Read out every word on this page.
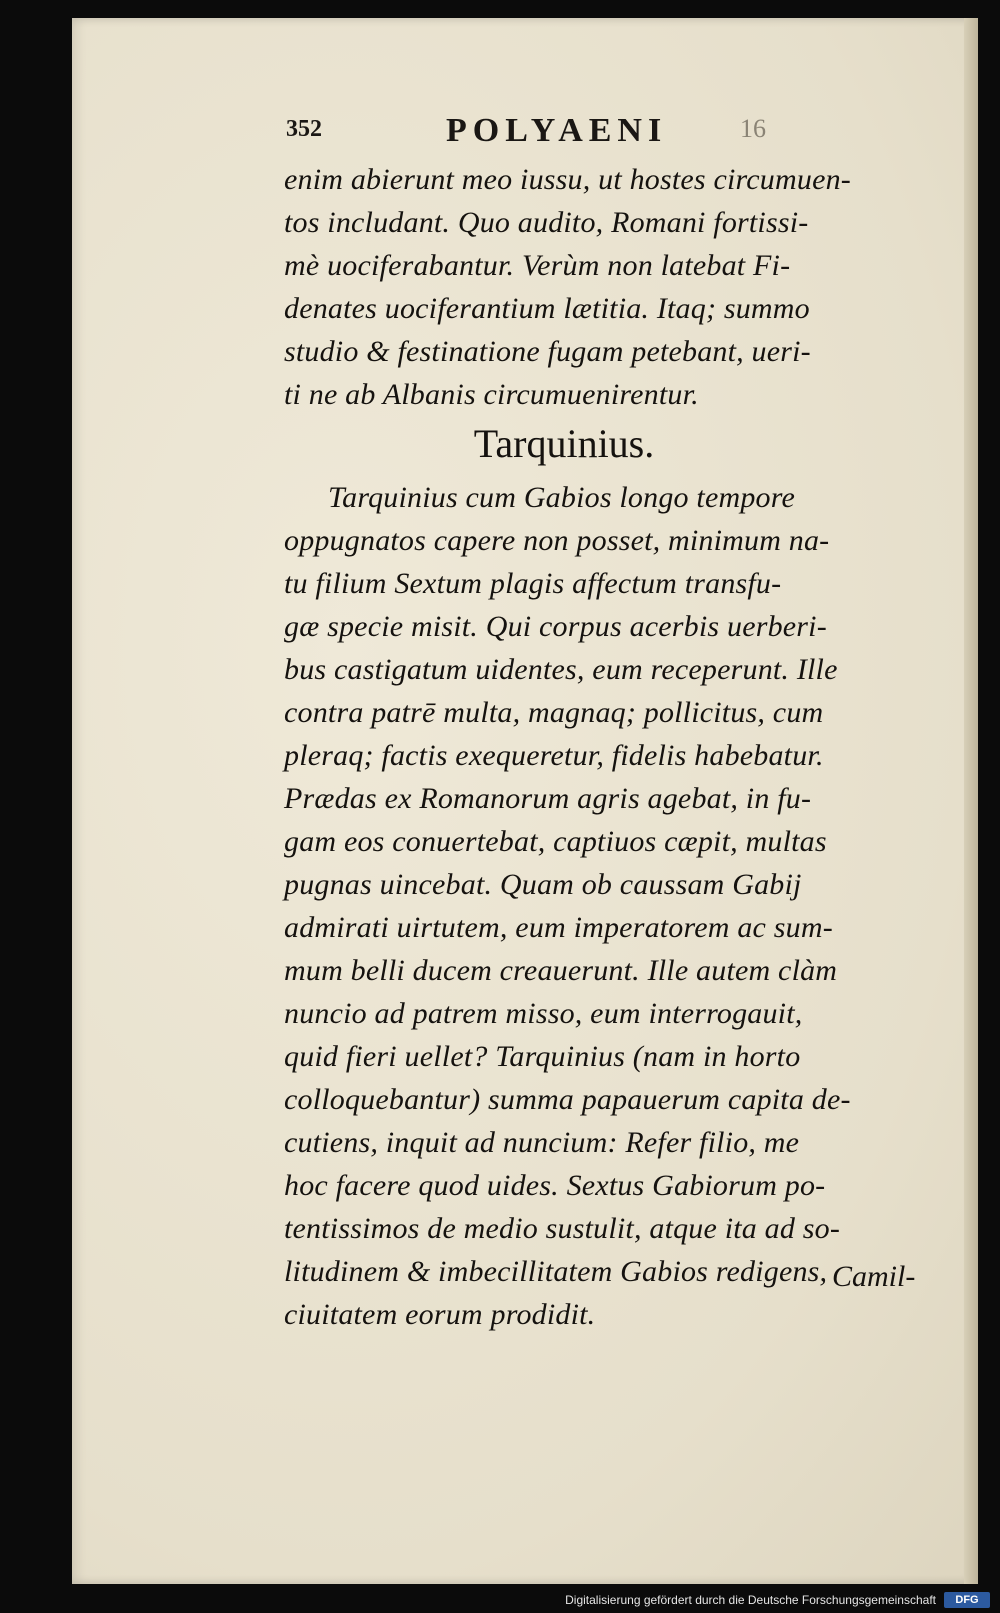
352	POLYAENI	16
enim abierunt meo iussu, ut hostes circumuen-
tos includant. Quo audito, Romani fortissi-
mè uociferabantur. Verùm non latebat Fi-
denates uociferantium lætitia. Itaq; summo
studio & festinatione fugam petebant, ueri-
ti ne ab Albanis circumuenirentur.
Tarquinius.
Tarquinius cum Gabios longo tempore
oppugnatos capere non posset, minimum na-
tu filium Sextum plagis affectum transfu-
gæ specie misit. Qui corpus acerbis uerberi-
bus castigatum uidentes, eum receperunt. Ille
contra patrē multa, magnaq; pollicitus, cum
pleraq; factis exequeretur, fidelis habebatur.
Prædas ex Romanorum agris agebat, in fu-
gam eos conuertebat, captiuos cæpit, multas
pugnas uincebat. Quam ob caussam Gabij
admirati uirtutem, eum imperatorem ac sum-
mum belli ducem creauerunt. Ille autem clàm
nuncio ad patrem misso, eum interrogauit,
quid fieri uellet? Tarquinius (nam in horto
colloquebantur) summa papauerum capita de-
cutiens, inquit ad nuncium: Refer filio, me
hoc facere quod uides. Sextus Gabiorum po-
tentissimos de medio sustulit, atque ita ad so-
litudinem & imbecillitatem Gabios redigens,
ciuitatem eorum prodidit.
Camil-
Digitalisierung gefördert durch die Deutsche Forschungsgemeinschaft	DFG
